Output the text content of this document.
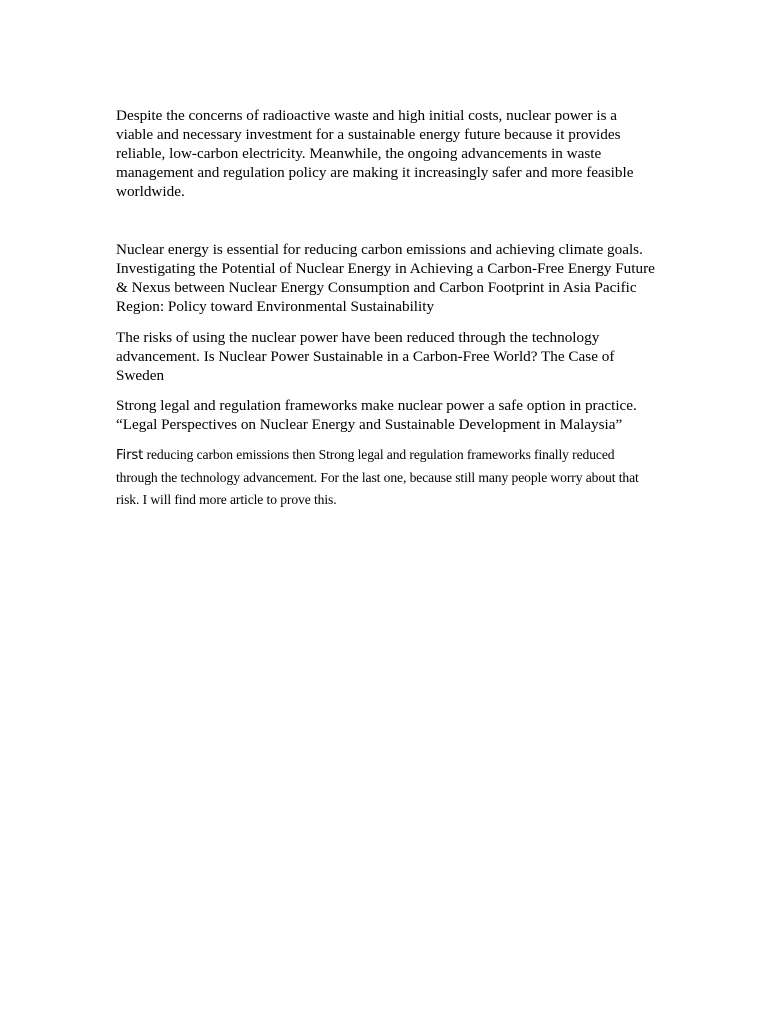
Despite the concerns of radioactive waste and high initial costs, nuclear power is a viable and necessary investment for a sustainable energy future because it provides reliable, low-carbon electricity. Meanwhile, the ongoing advancements in waste management and regulation policy are making it increasingly safer and more feasible worldwide.

Nuclear energy is essential for reducing carbon emissions and achieving climate goals. Investigating the Potential of Nuclear Energy in Achieving a Carbon-Free Energy Future & Nexus between Nuclear Energy Consumption and Carbon Footprint in Asia Pacific Region: Policy toward Environmental Sustainability

The risks of using the nuclear power have been reduced through the technology advancement. Is Nuclear Power Sustainable in a Carbon-Free World? The Case of Sweden

Strong legal and regulation frameworks make nuclear power a safe option in practice. “Legal Perspectives on Nuclear Energy and Sustainable Development in Malaysia”

First reducing carbon emissions then Strong legal and regulation frameworks finally reduced through the technology advancement. For the last one, because still many people worry about that risk. I will find more article to prove this.
